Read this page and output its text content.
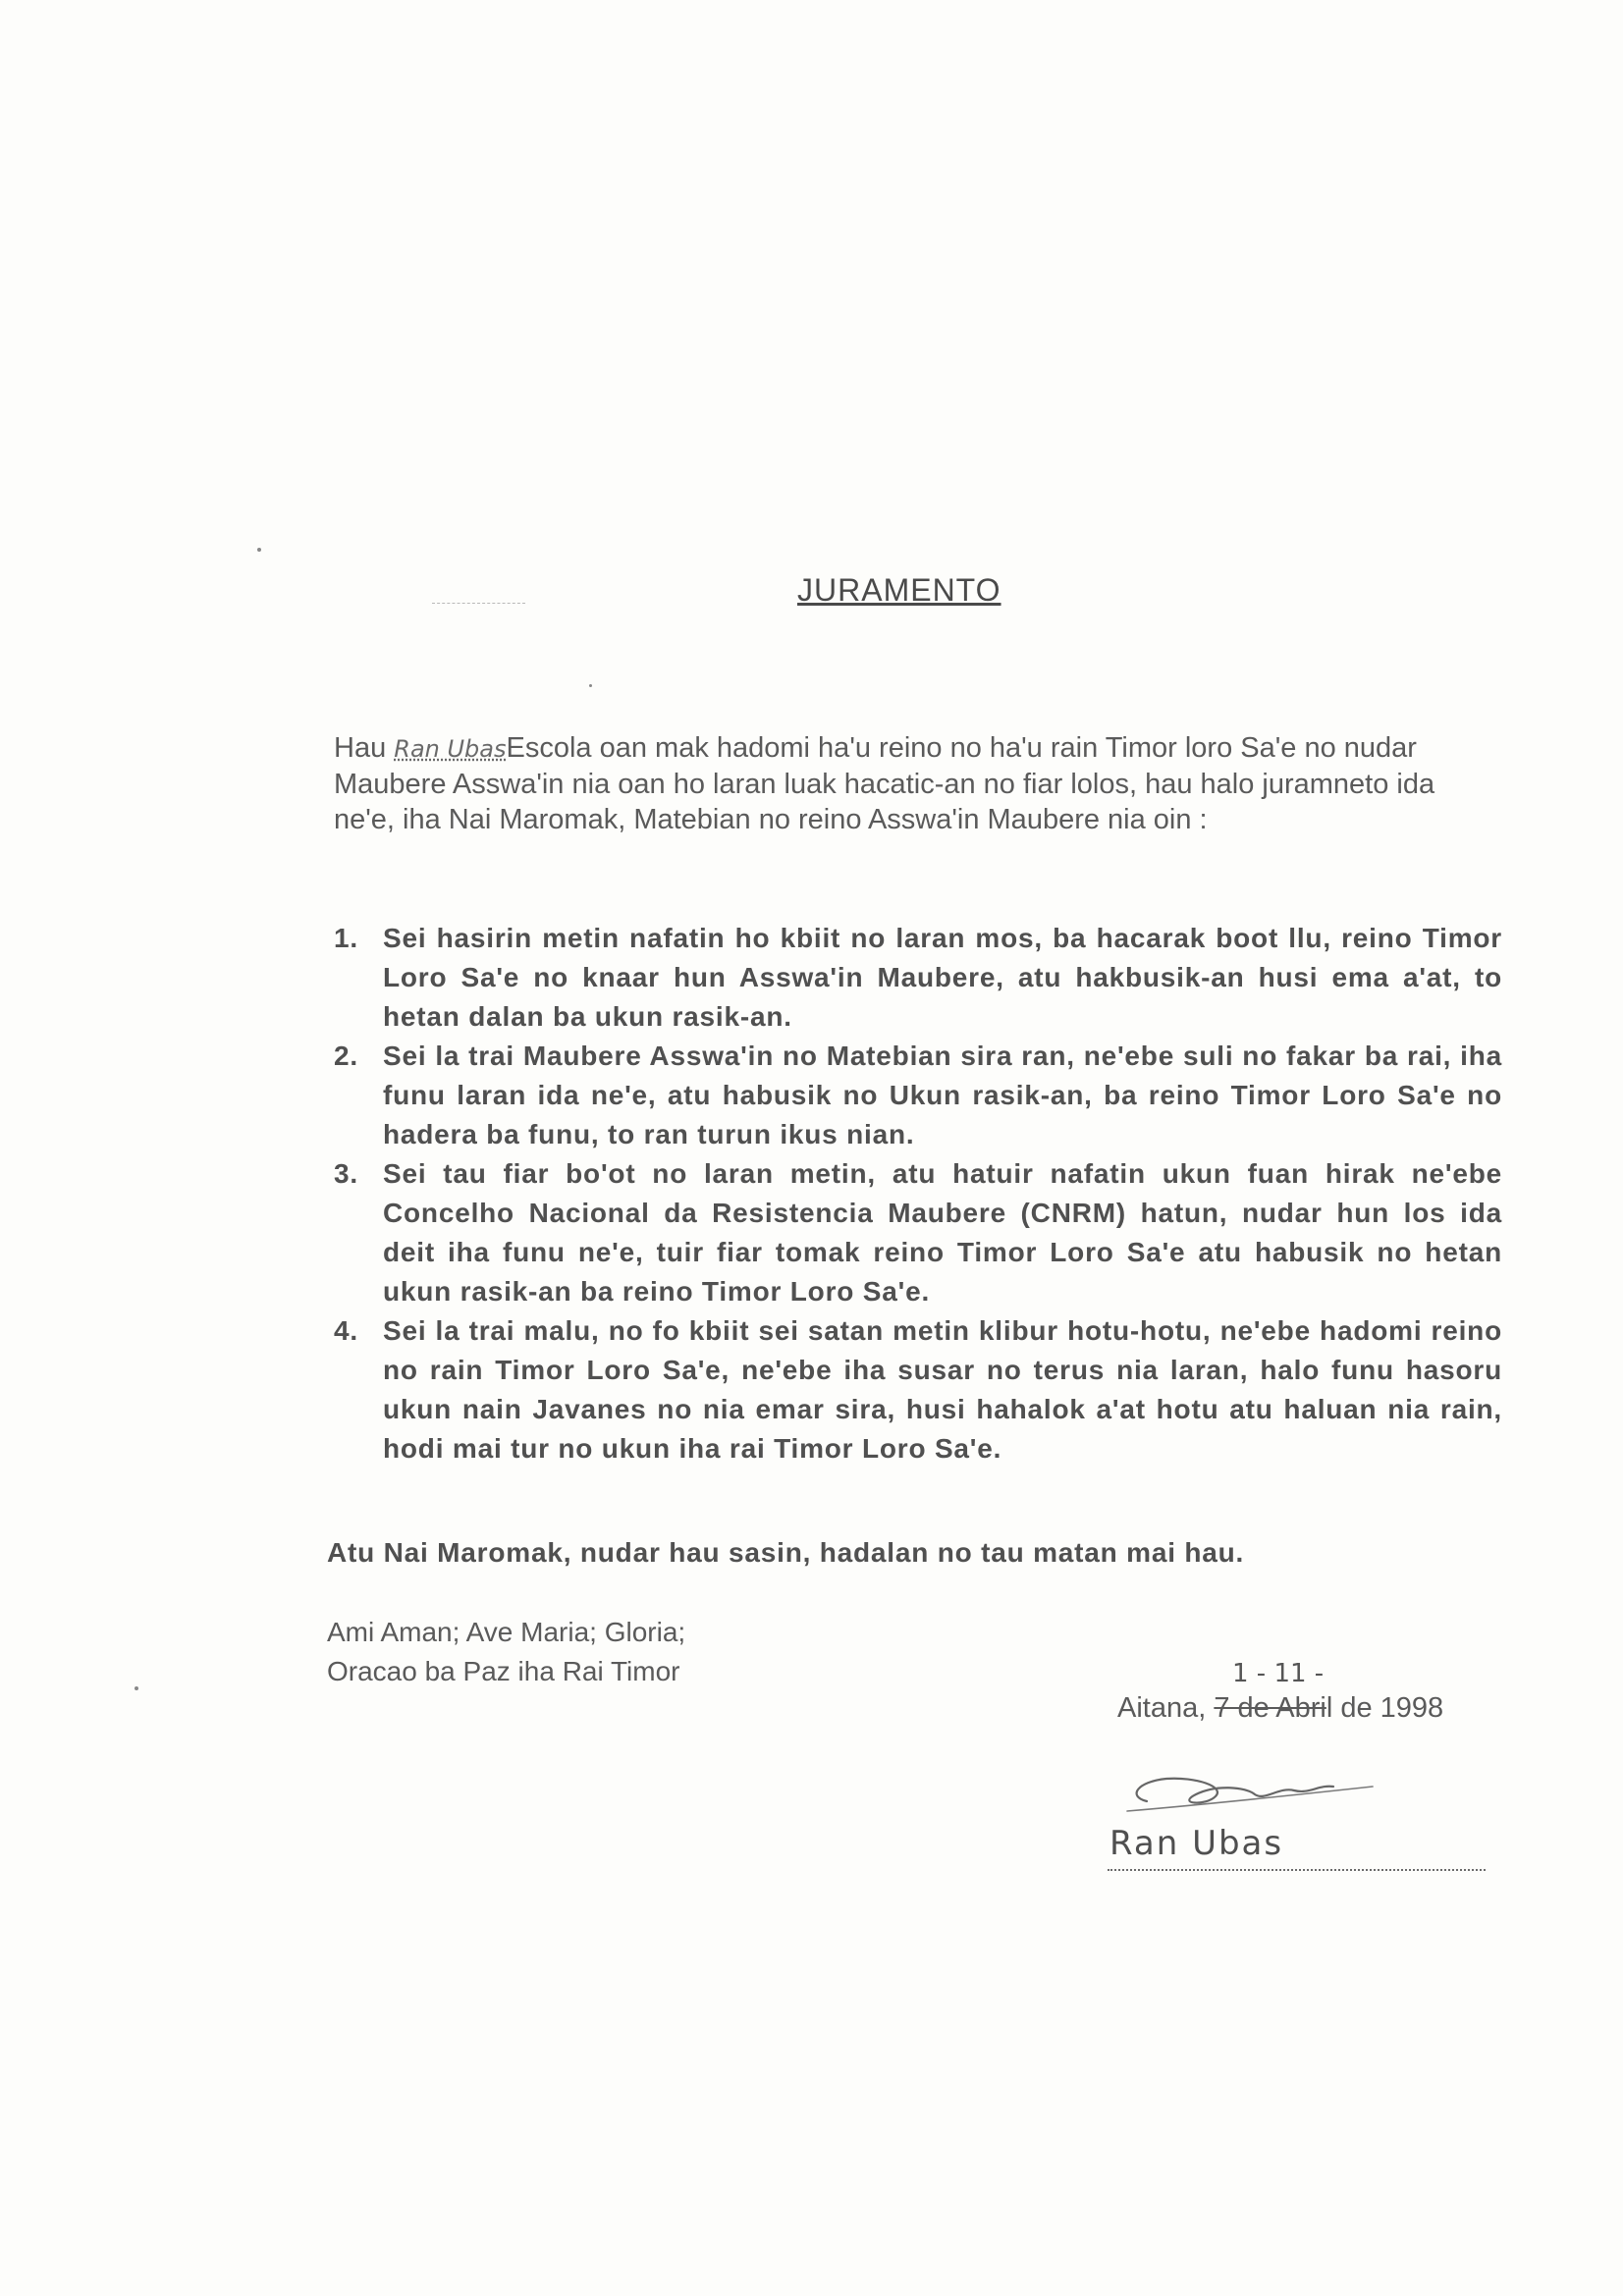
JURAMENTO
Hau Ran UbasEscola oan mak hadomi ha'u reino no ha'u rain Timor loro Sa'e no nudar Maubere Asswa'in nia oan ho laran luak hacatic-an no fiar lolos, hau halo juramneto ida ne'e, iha Nai Maromak, Matebian no reino Asswa'in Maubere nia oin :
1. Sei hasirin metin nafatin ho kbiit no laran mos, ba hacarak boot llu, reino Timor Loro Sa'e no knaar hun Asswa'in Maubere, atu hakbusik-an husi ema a'at, to hetan dalan ba ukun rasik-an.
2. Sei la trai Maubere Asswa'in no Matebian sira ran, ne'ebe suli no fakar ba rai, iha funu laran ida ne'e, atu habusik no Ukun rasik-an, ba reino Timor Loro Sa'e no hadera ba funu, to ran turun ikus nian.
3. Sei tau fiar bo'ot no laran metin, atu hatuir nafatin ukun fuan hirak ne'ebe Concelho Nacional da Resistencia Maubere (CNRM) hatun, nudar hun los ida deit iha funu ne'e, tuir fiar tomak reino Timor Loro Sa'e atu habusik no hetan ukun rasik-an ba reino Timor Loro Sa'e.
4. Sei la trai malu, no fo kbiit sei satan metin klibur hotu-hotu, ne'ebe hadomi reino no rain Timor Loro Sa'e, ne'ebe iha susar no terus nia laran, halo funu hasoru ukun nain Javanes no nia emar sira, husi hahalok a'at hotu atu haluan nia rain, hodi mai tur no ukun iha rai Timor Loro Sa'e.
Atu Nai Maromak, nudar hau sasin, hadalan no tau matan mai hau.
Ami Aman; Ave Maria; Gloria;
Oracao ba Paz iha Rai Timor	1 - 11 -
Aitana, 7 de Abril de 1998
Ran Ubas
